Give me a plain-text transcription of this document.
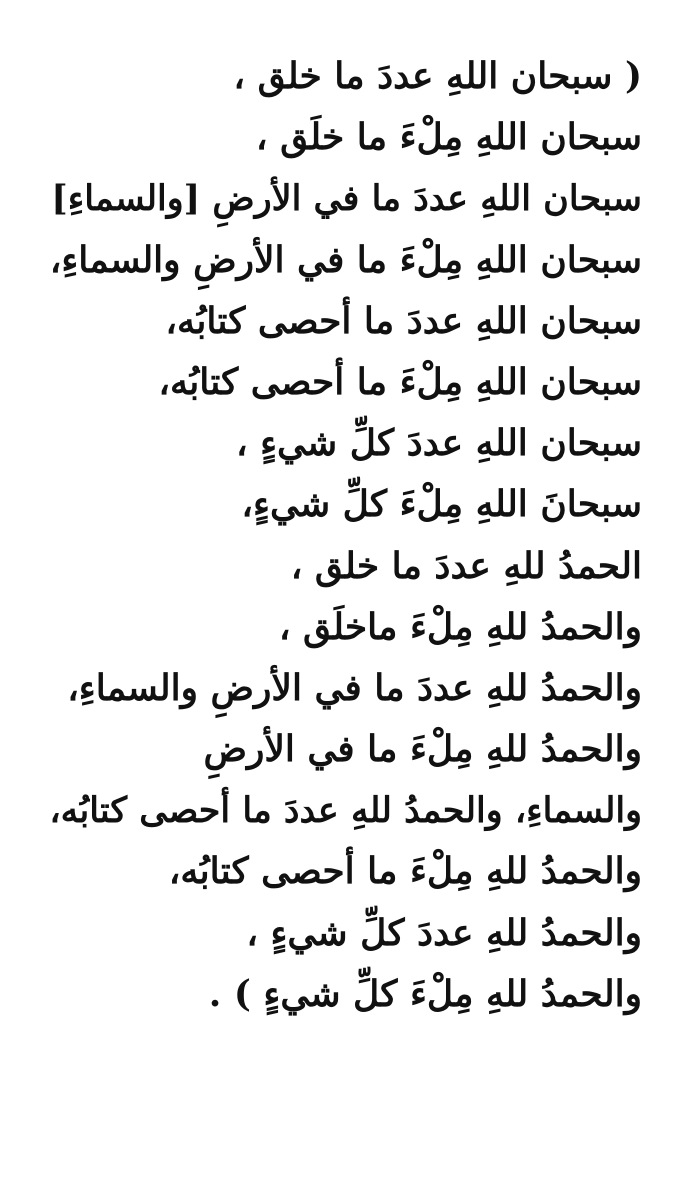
( سبحان اللهِ عددَ ما خلق ،
سبحان اللهِ مِلْءَ ما خلَق ،
سبحان اللهِ عددَ ما في الأرضِ [والسماءِ]
سبحان اللهِ مِلْءَ ما في الأرضِ والسماءِ،
سبحان اللهِ عددَ ما أحصى كتابُه،
سبحان اللهِ مِلْءَ ما أحصى كتابُه،
سبحان اللهِ عددَ كلِّ شيءٍ ،
سبحانَ اللهِ مِلْءَ كلِّ شيءٍ،
الحمدُ للهِ عددَ ما خلق ،
والحمدُ للهِ مِلْءَ ماخلَق ،
والحمدُ للهِ عددَ ما في الأرضِ والسماءِ،
والحمدُ للهِ مِلْءَ ما في الأرضِ
والسماءِ، والحمدُ للهِ عددَ ما أحصى كتابُه،
والحمدُ للهِ مِلْءَ ما أحصى كتابُه،
والحمدُ للهِ عددَ كلِّ شيءٍ ،
والحمدُ للهِ مِلْءَ كلِّ شيءٍ ) .
